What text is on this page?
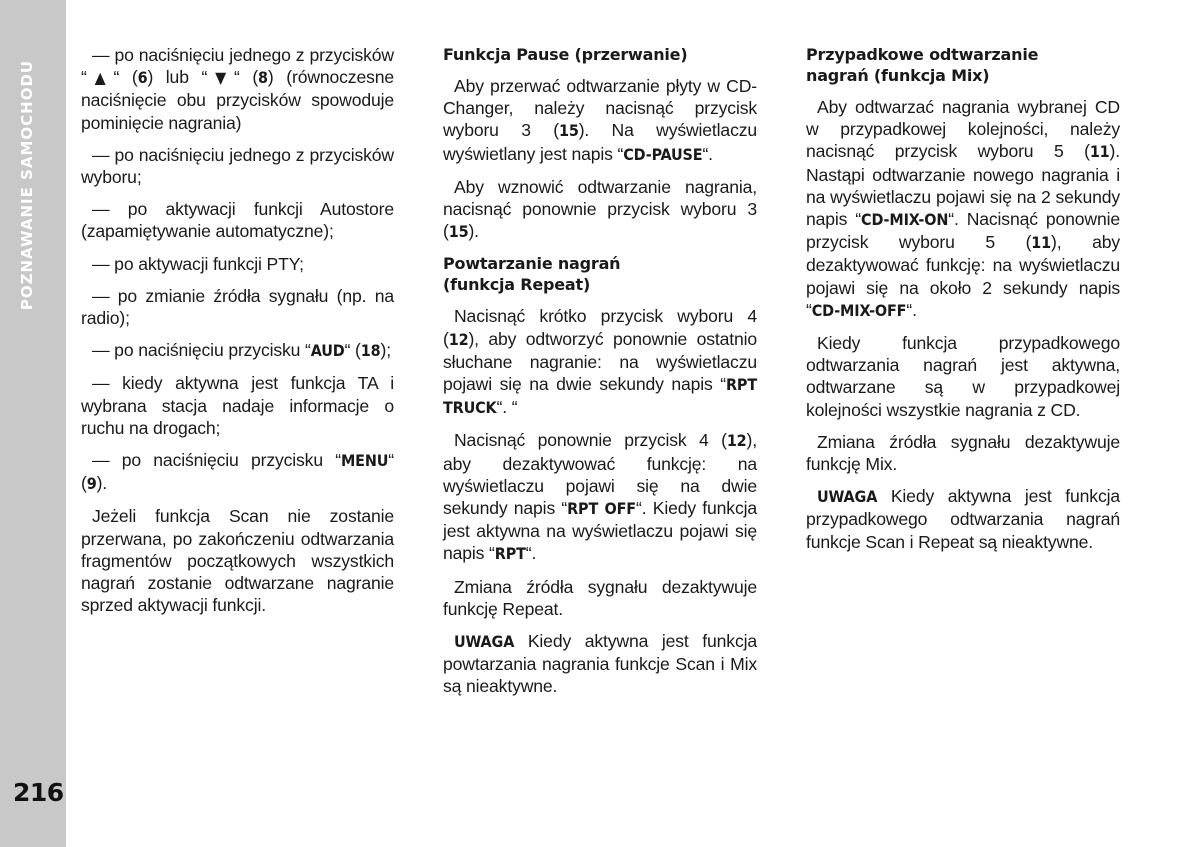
POZNAWANIE SAMOCHODU
216

— po naciśnięciu jednego z przycisków “▲“ (6) lub “▼“ (8) (równoczesne naciśnięcie obu przycisków spowoduje pominięcie nagrania)

— po naciśnięciu jednego z przycisków wyboru;

— po aktywacji funkcji Autostore (zapamiętywanie automatyczne);

— po aktywacji funkcji PTY;

— po zmianie źródła sygnału (np. na radio);

— po naciśnięciu przycisku “AUD“ (18);

— kiedy aktywna jest funkcja TA i wybrana stacja nadaje informacje o ruchu na drogach;

— po naciśnięciu przycisku “MENU“ (9).

Jeżeli funkcja Scan nie zostanie przerwana, po zakończeniu odtwarzania fragmentów początkowych wszystkich nagrań zostanie odtwarzane nagranie sprzed aktywacji funkcji.

Funkcja Pause (przerwanie)

Aby przerwać odtwarzanie płyty w CD-Changer, należy nacisnąć przycisk wyboru 3 (15). Na wyświetlaczu wyświetlany jest napis “CD-PAUSE“.

Aby wznowić odtwarzanie nagrania, nacisnąć ponownie przycisk wyboru 3 (15).

Powtarzanie nagrań
(funkcja Repeat)

Nacisnąć krótko przycisk wyboru 4 (12), aby odtworzyć ponownie ostatnio słuchane nagranie: na wyświetlaczu pojawi się na dwie sekundy napis “RPT TRUCK“. “

Nacisnąć ponownie przycisk 4 (12), aby dezaktywować funkcję: na wyświetlaczu pojawi się na dwie sekundy napis “RPT OFF“. Kiedy funkcja jest aktywna na wyświetlaczu pojawi się napis “RPT“.

Zmiana źródła sygnału dezaktywuje funkcję Repeat.

UWAGA Kiedy aktywna jest funkcja powtarzania nagrania funkcje Scan i Mix są nieaktywne.

Przypadkowe odtwarzanie
nagrań (funkcja Mix)

Aby odtwarzać nagrania wybranej CD w przypadkowej kolejności, należy nacisnąć przycisk wyboru 5 (11). Nastąpi odtwarzanie nowego nagrania i na wyświetlaczu pojawi się na 2 sekundy napis “CD-MIX-ON“. Nacisnąć ponownie przycisk wyboru 5 (11), aby dezaktywować funkcję: na wyświetlaczu pojawi się na około 2 sekundy napis “CD-MIX-OFF“.

Kiedy funkcja przypadkowego odtwarzania nagrań jest aktywna, odtwarzane są w przypadkowej kolejności wszystkie nagrania z CD.

Zmiana źródła sygnału dezaktywuje funkcję Mix.

UWAGA Kiedy aktywna jest funkcja przypadkowego odtwarzania nagrań funkcje Scan i Repeat są nieaktywne.
